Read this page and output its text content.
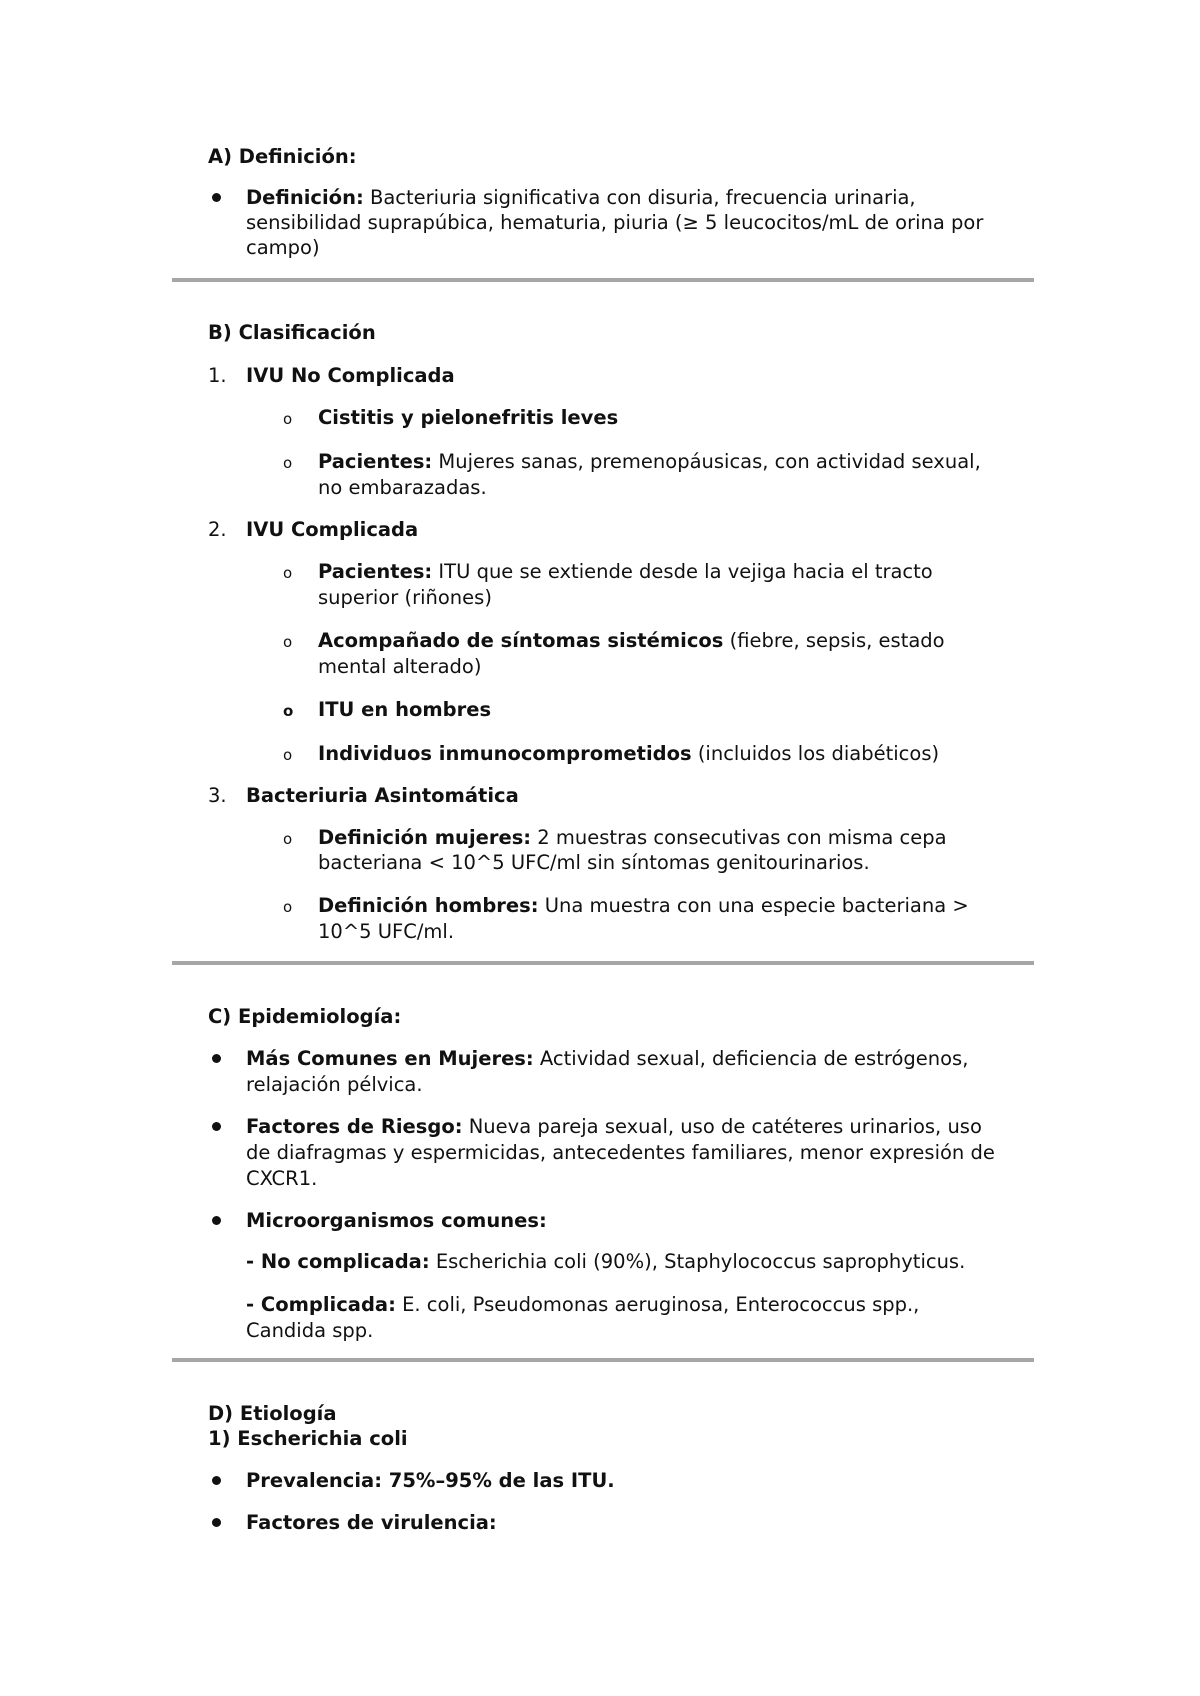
A) Definición:
Definición: Bacteriuria significativa con disuria, frecuencia urinaria,
sensibilidad suprapúbica, hematuria, piuria (≥ 5 leucocitos/mL de orina por
campo)
B) Clasificación
1. IVU No Complicada
o Cistitis y pielonefritis leves
o Pacientes: Mujeres sanas, premenopáusicas, con actividad sexual,
no embarazadas.
2. IVU Complicada
o Pacientes: ITU que se extiende desde la vejiga hacia el tracto
superior (riñones)
o Acompañado de síntomas sistémicos (fiebre, sepsis, estado
mental alterado)
o ITU en hombres
o Individuos inmunocomprometidos (incluidos los diabéticos)
3. Bacteriuria Asintomática
o Definición mujeres: 2 muestras consecutivas con misma cepa
bacteriana < 10^5 UFC/ml sin síntomas genitourinarios.
o Definición hombres: Una muestra con una especie bacteriana >
10^5 UFC/ml.
C) Epidemiología:
Más Comunes en Mujeres: Actividad sexual, deficiencia de estrógenos,
relajación pélvica.
Factores de Riesgo: Nueva pareja sexual, uso de catéteres urinarios, uso
de diafragmas y espermicidas, antecedentes familiares, menor expresión de
CXCR1.
Microorganismos comunes:
- No complicada: Escherichia coli (90%), Staphylococcus saprophyticus.
- Complicada: E. coli, Pseudomonas aeruginosa, Enterococcus spp.,
Candida spp.
D) Etiología
1) Escherichia coli
Prevalencia: 75%–95% de las ITU.
Factores de virulencia:
